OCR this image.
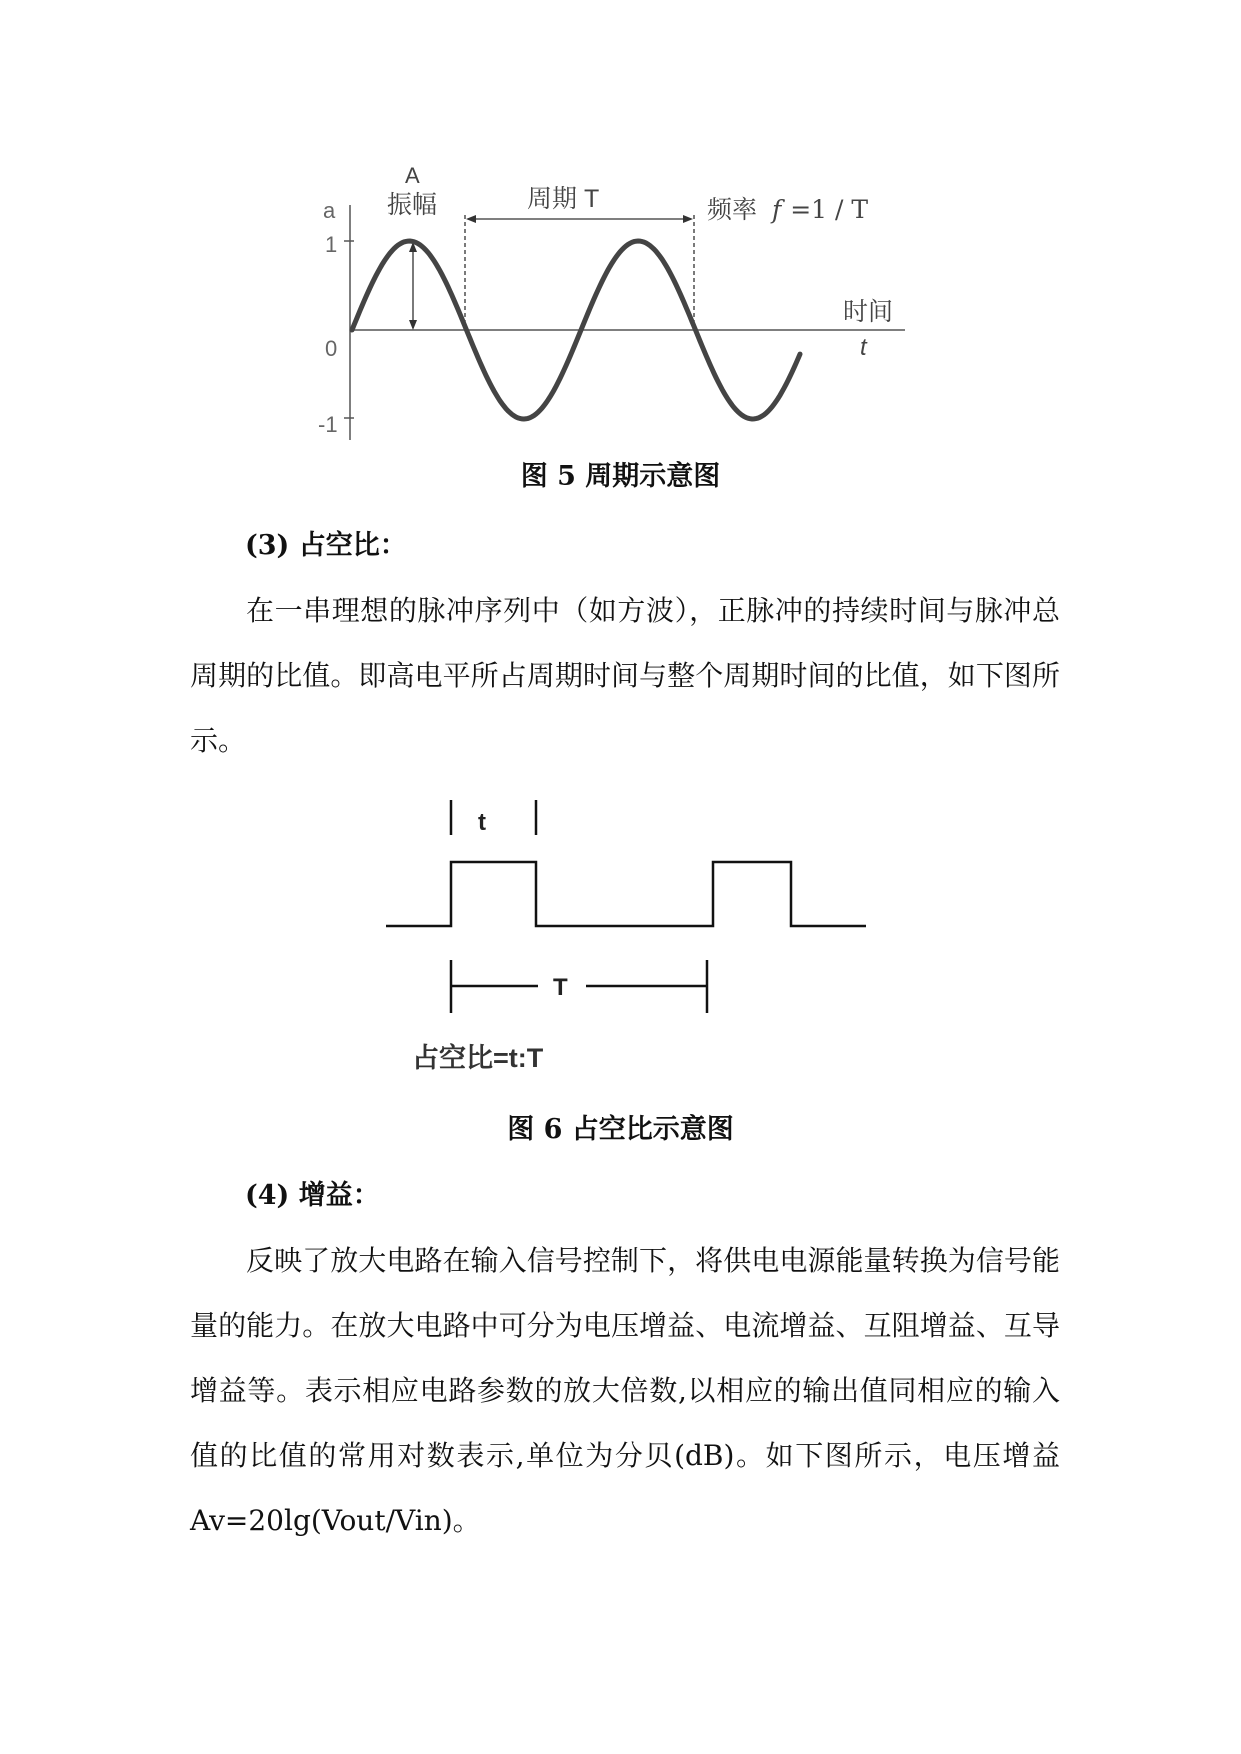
a
1
0
-1
A
振幅	周期 T	频率 f =1 / T
时间
t
图 5 周期示意图
(3) 占空比：
在一串理想的脉冲序列中（如方波），正脉冲的持续时间与脉冲总周期的比值。即高电平所占周期时间与整个周期时间的比值，如下图所示。
t
T
占空比=t:T
图 6 占空比示意图
(4) 增益：
反映了放大电路在输入信号控制下，将供电电源能量转换为信号能量的能力。在放大电路中可分为电压增益、电流增益、互阻增益、互导增益等。表示相应电路参数的放大倍数,以相应的输出值同相应的输入值的比值的常用对数表示,单位为分贝(dB)。如下图所示，电压增益 Av=20lg(Vout/Vin)。
